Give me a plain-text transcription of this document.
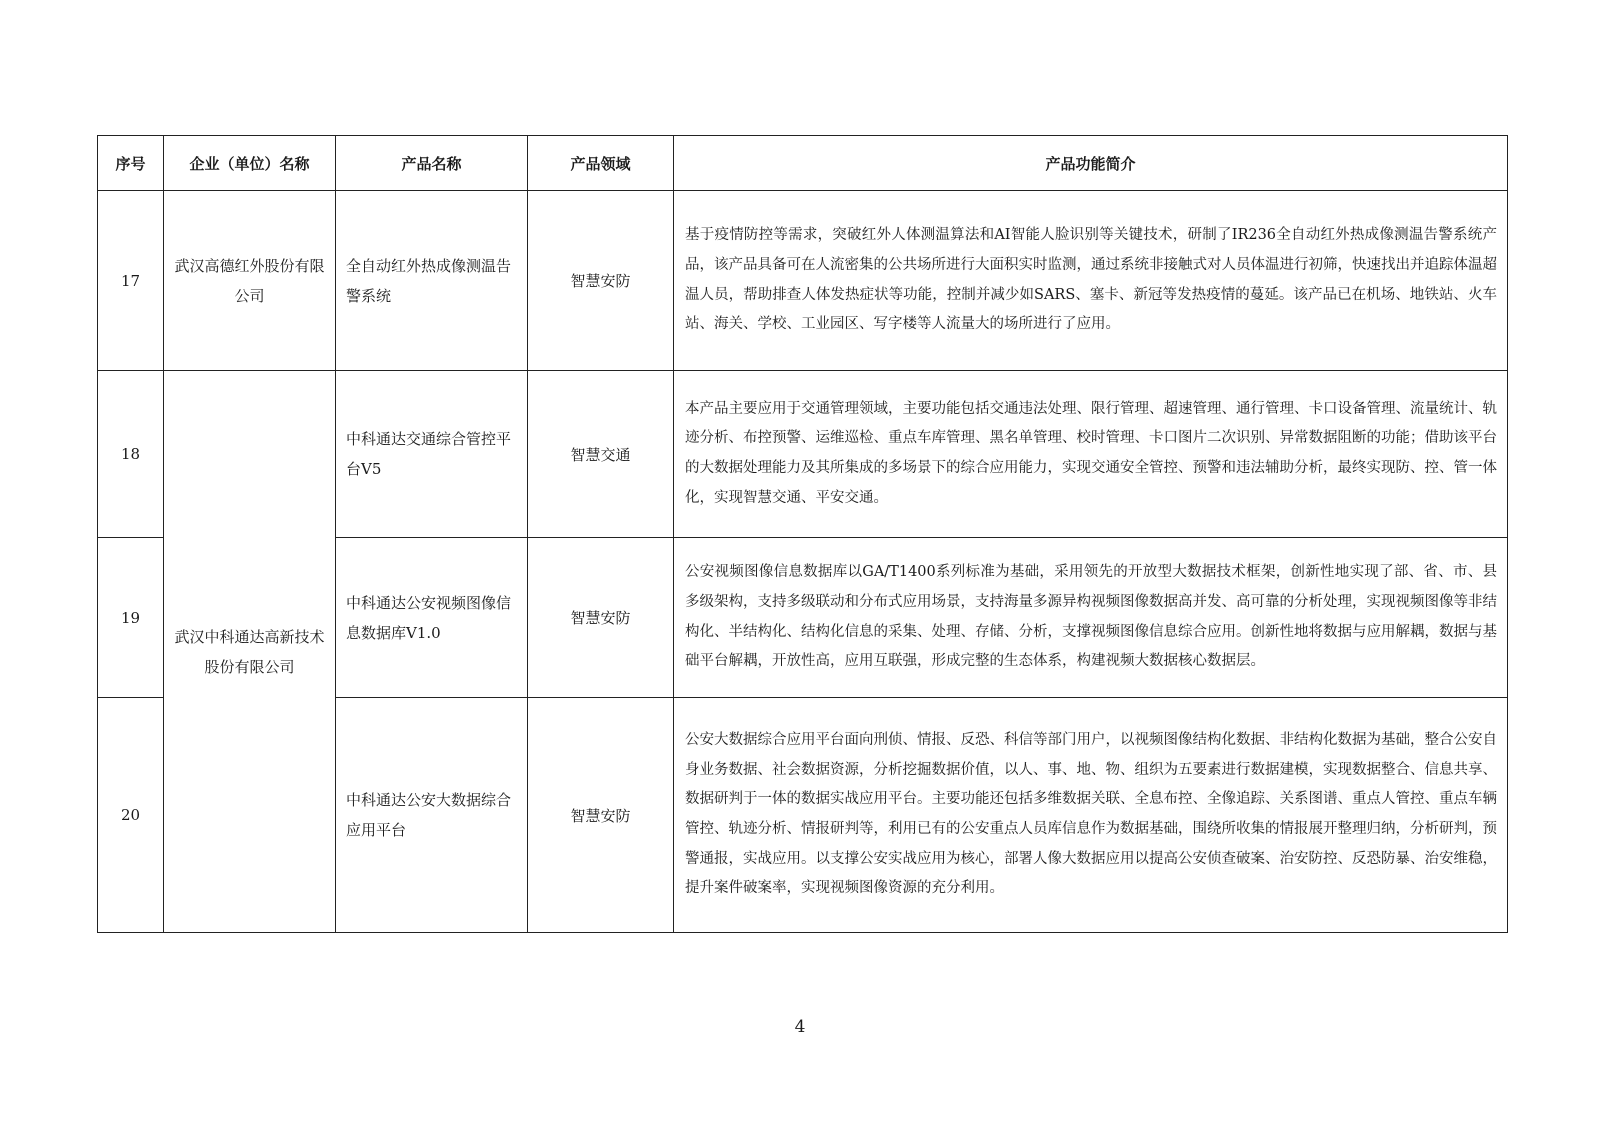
序号	企业（单位）名称	产品名称	产品领域	产品功能简介
17	武汉高德红外股份有限公司	全自动红外热成像测温告警系统	智慧安防	基于疫情防控等需求，突破红外人体测温算法和AI智能人脸识别等关键技术，研制了IR236全自动红外热成像测温告警系统产品，该产品具备可在人流密集的公共场所进行大面积实时监测，通过系统非接触式对人员体温进行初筛，快速找出并追踪体温超温人员，帮助排查人体发热症状等功能，控制并减少如SARS、塞卡、新冠等发热疫情的蔓延。该产品已在机场、地铁站、火车站、海关、学校、工业园区、写字楼等人流量大的场所进行了应用。
18	武汉中科通达高新技术股份有限公司	中科通达交通综合管控平台V5	智慧交通	本产品主要应用于交通管理领域，主要功能包括交通违法处理、限行管理、超速管理、通行管理、卡口设备管理、流量统计、轨迹分析、布控预警、运维巡检、重点车库管理、黑名单管理、校时管理、卡口图片二次识别、异常数据阻断的功能；借助该平台的大数据处理能力及其所集成的多场景下的综合应用能力，实现交通安全管控、预警和违法辅助分析，最终实现防、控、管一体化，实现智慧交通、平安交通。
19		中科通达公安视频图像信息数据库V1.0	智慧安防	公安视频图像信息数据库以GA/T1400系列标准为基础，采用领先的开放型大数据技术框架，创新性地实现了部、省、市、县多级架构，支持多级联动和分布式应用场景，支持海量多源异构视频图像数据高并发、高可靠的分析处理，实现视频图像等非结构化、半结构化、结构化信息的采集、处理、存储、分析，支撑视频图像信息综合应用。创新性地将数据与应用解耦，数据与基础平台解耦，开放性高，应用互联强，形成完整的生态体系，构建视频大数据核心数据层。
20		中科通达公安大数据综合应用平台	智慧安防	公安大数据综合应用平台面向刑侦、情报、反恐、科信等部门用户，以视频图像结构化数据、非结构化数据为基础，整合公安自身业务数据、社会数据资源，分析挖掘数据价值，以人、事、地、物、组织为五要素进行数据建模，实现数据整合、信息共享、数据研判于一体的数据实战应用平台。主要功能还包括多维数据关联、全息布控、全像追踪、关系图谱、重点人管控、重点车辆管控、轨迹分析、情报研判等，利用已有的公安重点人员库信息作为数据基础，围绕所收集的情报展开整理归纳，分析研判，预警通报，实战应用。以支撑公安实战应用为核心，部署人像大数据应用以提高公安侦查破案、治安防控、反恐防暴、治安维稳，提升案件破案率，实现视频图像资源的充分利用。
4
